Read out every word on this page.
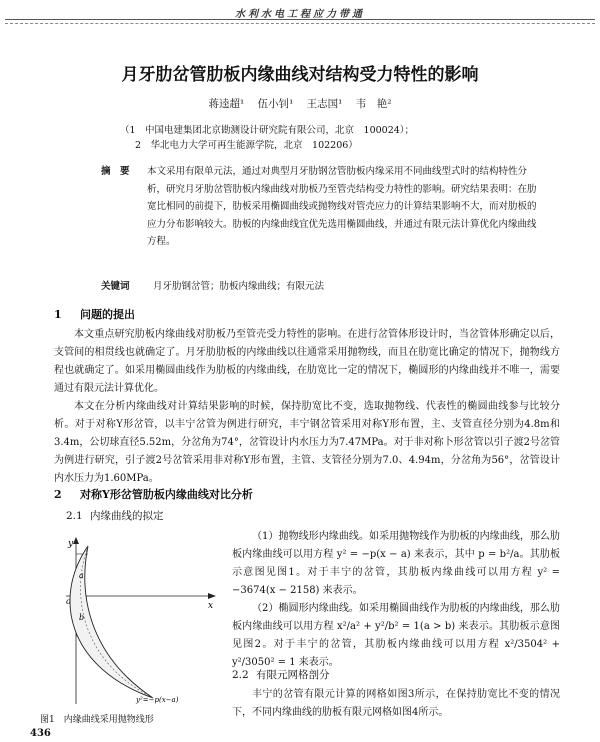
水利水电工程应力带通
月牙肋岔管肋板内缘曲线对结构受力特性的影响
蒋逵超¹ 伍小钊¹ 王志国¹ 韦　艳²
（1　中国电建集团北京勘测设计研究院有限公司，北京　100024）；
2　华北电力大学可再生能源学院，北京　102206）
摘　要 本文采用有限单元法，通过对典型月牙肋钢岔管肋板内缘采用不同曲线型式时的结构特性分析，研究月牙肋岔管肋板内缘曲线对肋板乃至管壳结构受力特性的影响。研究结果表明：在肋宽比相同的前提下，肋板采用椭圆曲线或抛物线对管壳应力的计算结果影响不大，而对肋板的应力分布影响较大。肋板的内缘曲线宜优先选用椭圆曲线，并通过有限元法计算优化内缘曲线方程。
关键词 月牙肋钢岔管；肋板内缘曲线；有限元法
1 问题的提出

本文重点研究肋板内缘曲线对肋板乃至管壳受力特性的影响。在进行岔管体形设计时，当岔管体形确定以后，支管间的相贯线也就确定了。月牙肋肋板的内缘曲线以往通常采用抛物线，而且在肋宽比确定的情况下，抛物线方程也就确定了。如采用椭圆曲线作为肋板的内缘曲线，在肋宽比一定的情况下，椭圆形的内缘曲线并不唯一，需要通过有限元法计算优化。

本文在分析内缘曲线对计算结果影响的时候，保持肋宽比不变，选取抛物线、代表性的椭圆曲线参与比较分析。对于对称Y形岔管，以丰宁岔管为例进行研究，丰宁钢岔管采用对称Y形布置，主、支管直径分别为4.8m和3.4m，公切球直径5.52m，分岔角为74°，岔管设计内水压力为7.47MPa。对于非对称卜形岔管以引子渡2号岔管为例进行研究，引子渡2号岔管采用非对称Y形布置，主管、支管径分别为7.0、4.94m，分岔角为56°，岔管设计内水压力为1.60MPa。

2 对称Y形岔管肋板内缘曲线对比分析
2.1 内缘曲线的拟定

（1）抛物线形内缘曲线。如采用抛物线作为肋板的内缘曲线，那么肋板内缘曲线可以用方程 y² = −p(x − a) 来表示，其中 p = b²/a。其肋板示意图见图1。对于丰宁的岔管，其肋板内缘曲线可以用方程 y² = −3674(x − 2158) 来表示。

（2）椭圆形内缘曲线。如采用椭圆曲线作为肋板的内缘曲线，那么肋板内缘曲线可以用方程 x²/a² + y²/b² = 1(a > b) 来表示。其肋板示意图见图2。对于丰宁的岔管，其肋板内缘曲线可以用方程 x²/3504² + y²/3050² = 1 来表示。

2.2 有限元网格剖分

丰宁的岔管有限元计算的网格如图3所示，在保持肋宽比不变的情况下，不同内缘曲线的肋板有限元网格如图4所示。

y
x
o
a
b
y²=−p(x−a)
图1　内缘曲线采用抛物线形
436
